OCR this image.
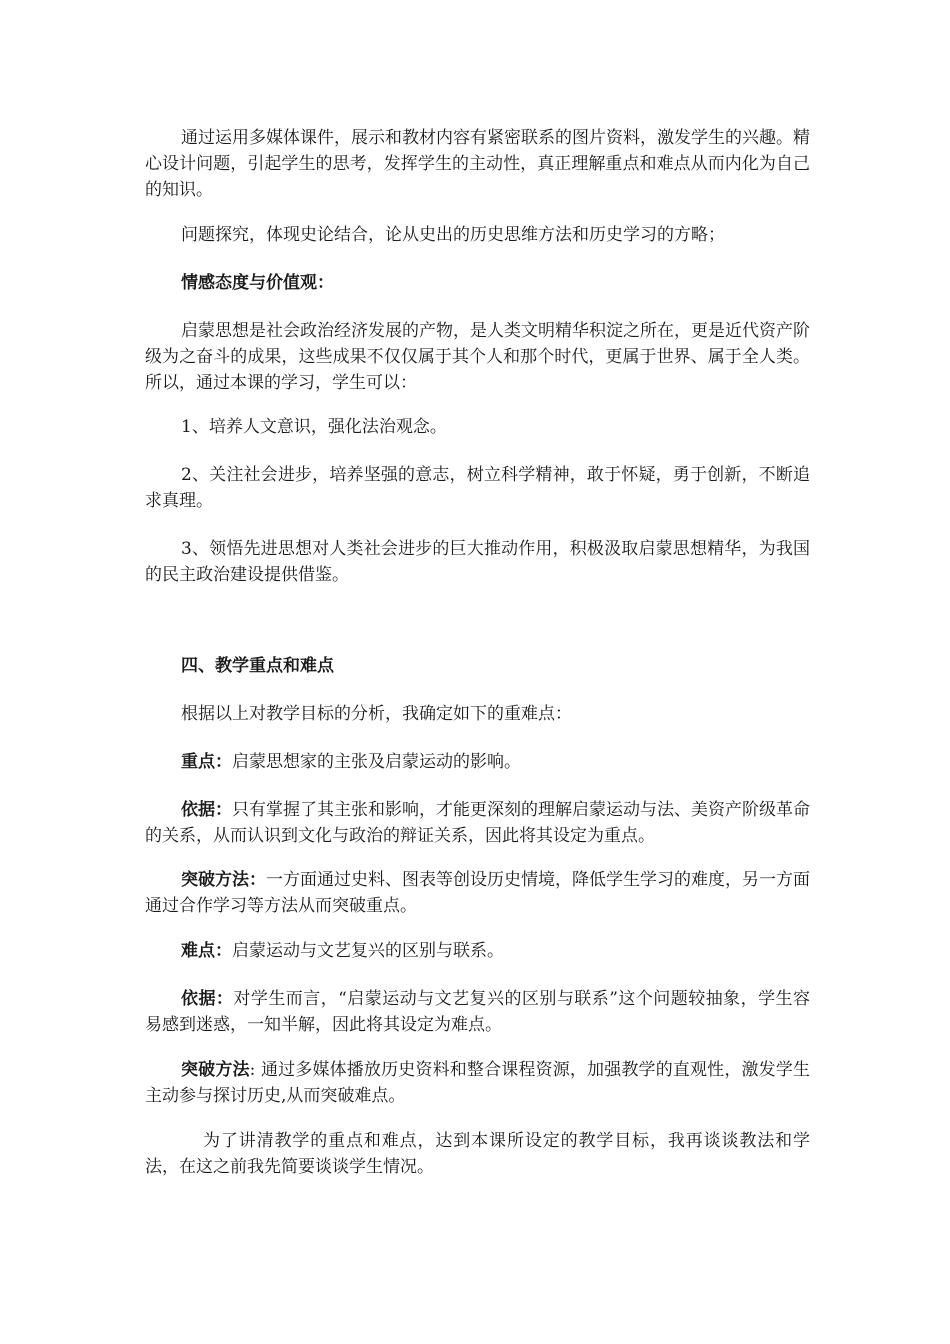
通过运用多媒体课件，展示和教材内容有紧密联系的图片资料，激发学生的兴趣。精心设计问题，引起学生的思考，发挥学生的主动性，真正理解重点和难点从而内化为自己的知识。

问题探究，体现史论结合，论从史出的历史思维方法和历史学习的方略；

情感态度与价值观：

启蒙思想是社会政治经济发展的产物，是人类文明精华积淀之所在，更是近代资产阶级为之奋斗的成果，这些成果不仅仅属于其个人和那个时代，更属于世界、属于全人类。所以，通过本课的学习，学生可以：

1、培养人文意识，强化法治观念。

2、关注社会进步，培养坚强的意志，树立科学精神，敢于怀疑，勇于创新，不断追求真理。

3、领悟先进思想对人类社会进步的巨大推动作用，积极汲取启蒙思想精华，为我国的民主政治建设提供借鉴。

四、教学重点和难点

根据以上对教学目标的分析，我确定如下的重难点：

重点：启蒙思想家的主张及启蒙运动的影响。

依据：只有掌握了其主张和影响，才能更深刻的理解启蒙运动与法、美资产阶级革命的关系，从而认识到文化与政治的辩证关系，因此将其设定为重点。

突破方法：一方面通过史料、图表等创设历史情境，降低学生学习的难度，另一方面通过合作学习等方法从而突破重点。

难点：启蒙运动与文艺复兴的区别与联系。

依据：对学生而言，“启蒙运动与文艺复兴的区别与联系”这个问题较抽象，学生容易感到迷惑，一知半解，因此将其设定为难点。

突破方法: 通过多媒体播放历史资料和整合课程资源，加强教学的直观性，激发学生主动参与探讨历史,从而突破难点。

为了讲清教学的重点和难点，达到本课所设定的教学目标，我再谈谈教法和学法，在这之前我先简要谈谈学生情况。
